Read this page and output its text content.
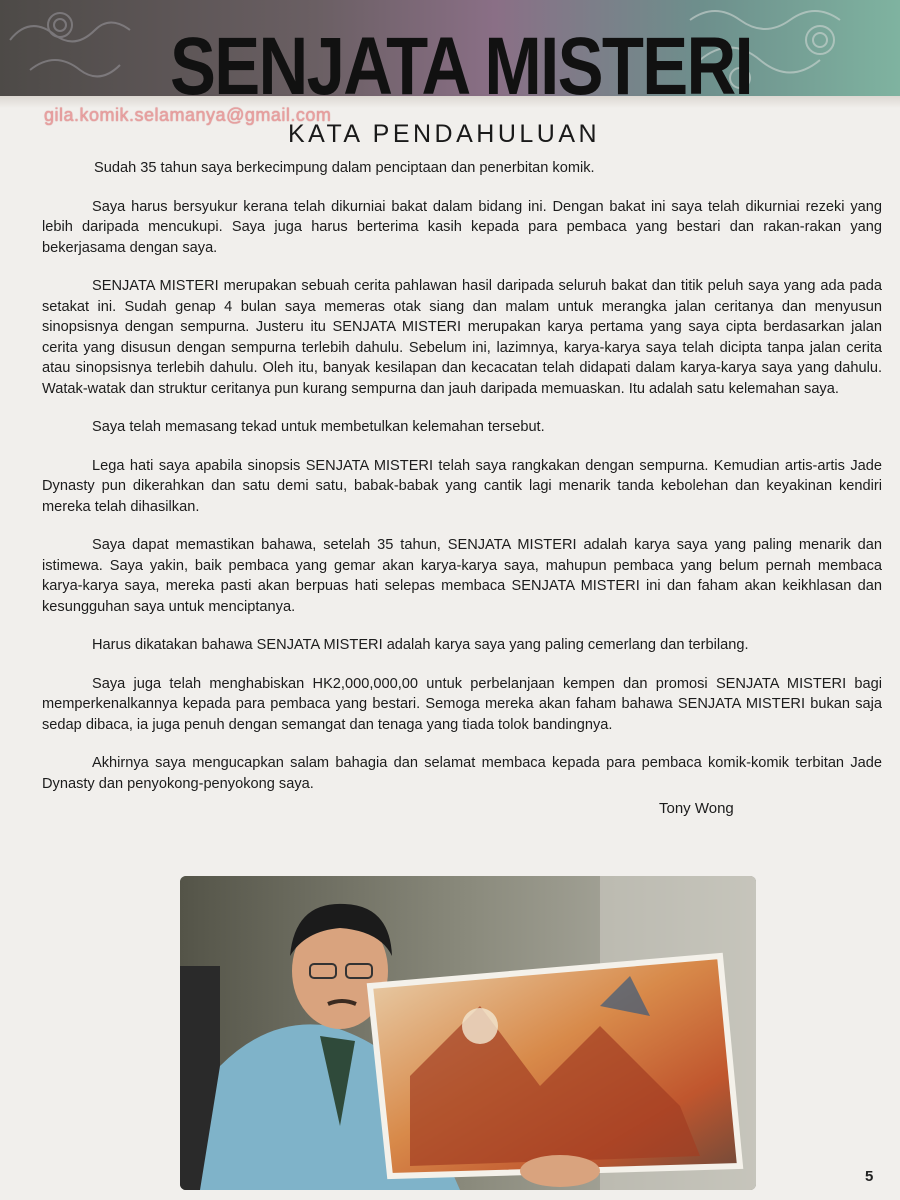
SENJATA MISTERI
gila.komik.selamanya@gmail.com
KATA PENDAHULUAN

Sudah 35 tahun saya berkecimpung dalam penciptaan dan penerbitan komik.

Saya harus bersyukur kerana telah dikurniai bakat dalam bidang ini. Dengan bakat ini saya telah dikurniai rezeki yang lebih daripada mencukupi. Saya juga harus berterima kasih kepada para pembaca yang bestari dan rakan-rakan yang bekerjasama dengan saya.

SENJATA MISTERI merupakan sebuah cerita pahlawan hasil daripada seluruh bakat dan titik peluh saya yang ada pada setakat ini. Sudah genap 4 bulan saya memeras otak siang dan malam untuk merangka jalan ceritanya dan menyusun sinopsisnya dengan sempurna. Justeru itu SENJATA MISTERI merupakan karya pertama yang saya cipta berdasarkan jalan cerita yang disusun dengan sempurna terlebih dahulu. Sebelum ini, lazimnya, karya-karya saya telah dicipta tanpa jalan cerita atau sinopsisnya terlebih dahulu. Oleh itu, banyak kesilapan dan kecacatan telah didapati dalam karya-karya saya yang dahulu. Watak-watak dan struktur ceritanya pun kurang sempurna dan jauh daripada memuaskan. Itu adalah satu kelemahan saya.

Saya telah memasang tekad untuk membetulkan kelemahan tersebut.

Lega hati saya apabila sinopsis SENJATA MISTERI telah saya rangkakan dengan sempurna. Kemudian artis-artis Jade Dynasty pun dikerahkan dan satu demi satu, babak-babak yang cantik lagi menarik tanda kebolehan dan keyakinan kendiri mereka telah dihasilkan.

Saya dapat memastikan bahawa, setelah 35 tahun, SENJATA MISTERI adalah karya saya yang paling menarik dan istimewa. Saya yakin, baik pembaca yang gemar akan karya-karya saya, mahupun pembaca yang belum pernah membaca karya-karya saya, mereka pasti akan berpuas hati selepas membaca SENJATA MISTERI ini dan faham akan keikhlasan dan kesungguhan saya untuk menciptanya.

Harus dikatakan bahawa SENJATA MISTERI adalah karya saya yang paling cemerlang dan terbilang.

Saya juga telah menghabiskan HK2,000,000,00 untuk perbelanjaan kempen dan promosi SENJATA MISTERI bagi memperkenalkannya kepada para pembaca yang bestari. Semoga mereka akan faham bahawa SENJATA MISTERI bukan saja sedap dibaca, ia juga penuh dengan semangat dan tenaga yang tiada tolok bandingnya.

Akhirnya saya mengucapkan salam bahagia dan selamat membaca kepada para pembaca komik-komik terbitan Jade Dynasty dan penyokong-penyokong saya.

Tony Wong
5
